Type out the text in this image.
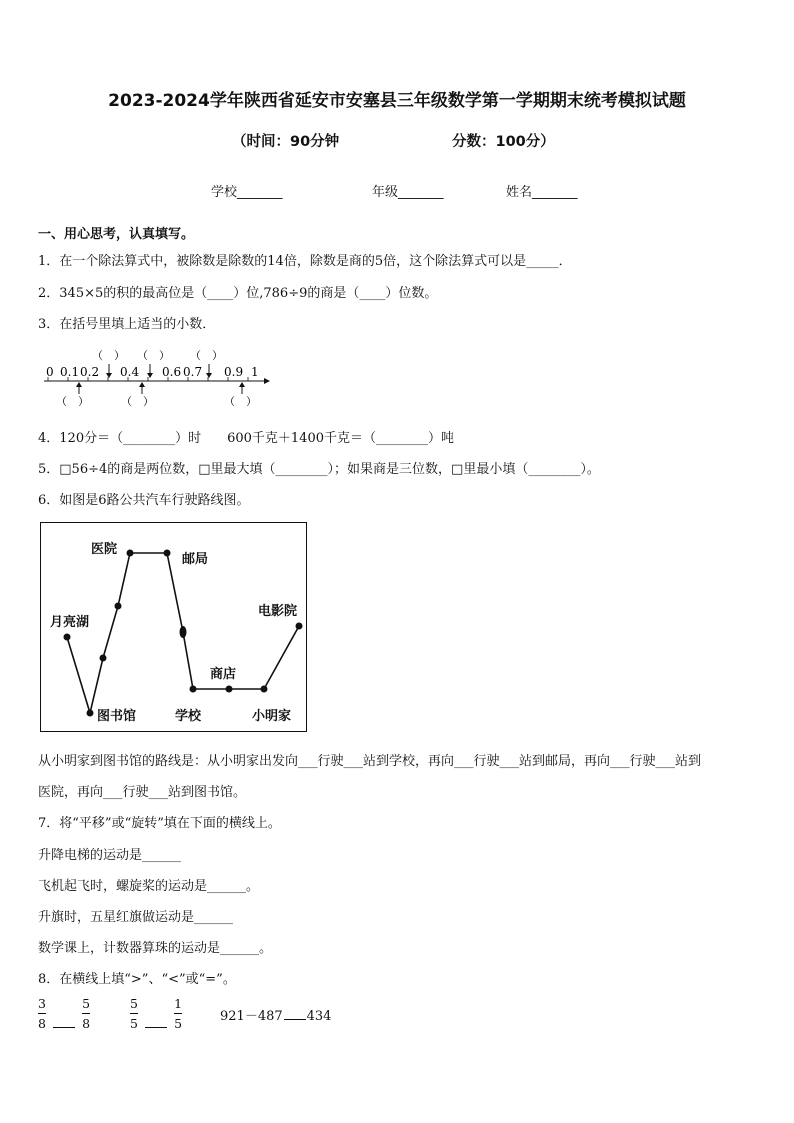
2023-2024学年陕西省延安市安塞县三年级数学第一学期期末统考模拟试题
（时间：90分钟	分数：100分）
学校_______	年级_______	姓名_______
一、用心思考，认真填写。
1．在一个除法算式中，被除数是除数的14倍，除数是商的5倍，这个除法算式可以是_____．
2．345×5的积的最高位是（____）位,786÷9的商是（____）位数。
3．在括号里填上适当的小数．
0 0.1 0.2 0.4 0.6 0.7 0.9 1
（　） （　） （　）
（　）	（　）	（　）
4．120分＝（________）时　　600千克＋1400千克＝（________）吨
5．□56÷4的商是两位数，□里最大填（________）；如果商是三位数，□里最小填（________）。
6．如图是6路公共汽车行驶路线图。
医院
邮局
月亮湖
电影院
商店
图书馆	学校	小明家
从小明家到图书馆的路线是：从小明家出发向___行驶___站到学校，再向___行驶___站到邮局，再向___行驶___站到
医院，再向___行驶___站到图书馆。
7．将“平移”或“旋转”填在下面的横线上。
升降电梯的运动是______
飞机起飞时，螺旋桨的运动是______。
升旗时，五星红旗做运动是______
数学课上，计数器算珠的运动是______。
8．在横线上填“>”、“<”或“=”。
$\frac{3}{8}$
	$\frac{5}{8}$	$\frac{5}{5}$
	$\frac{1}{5}$	921－487 434
